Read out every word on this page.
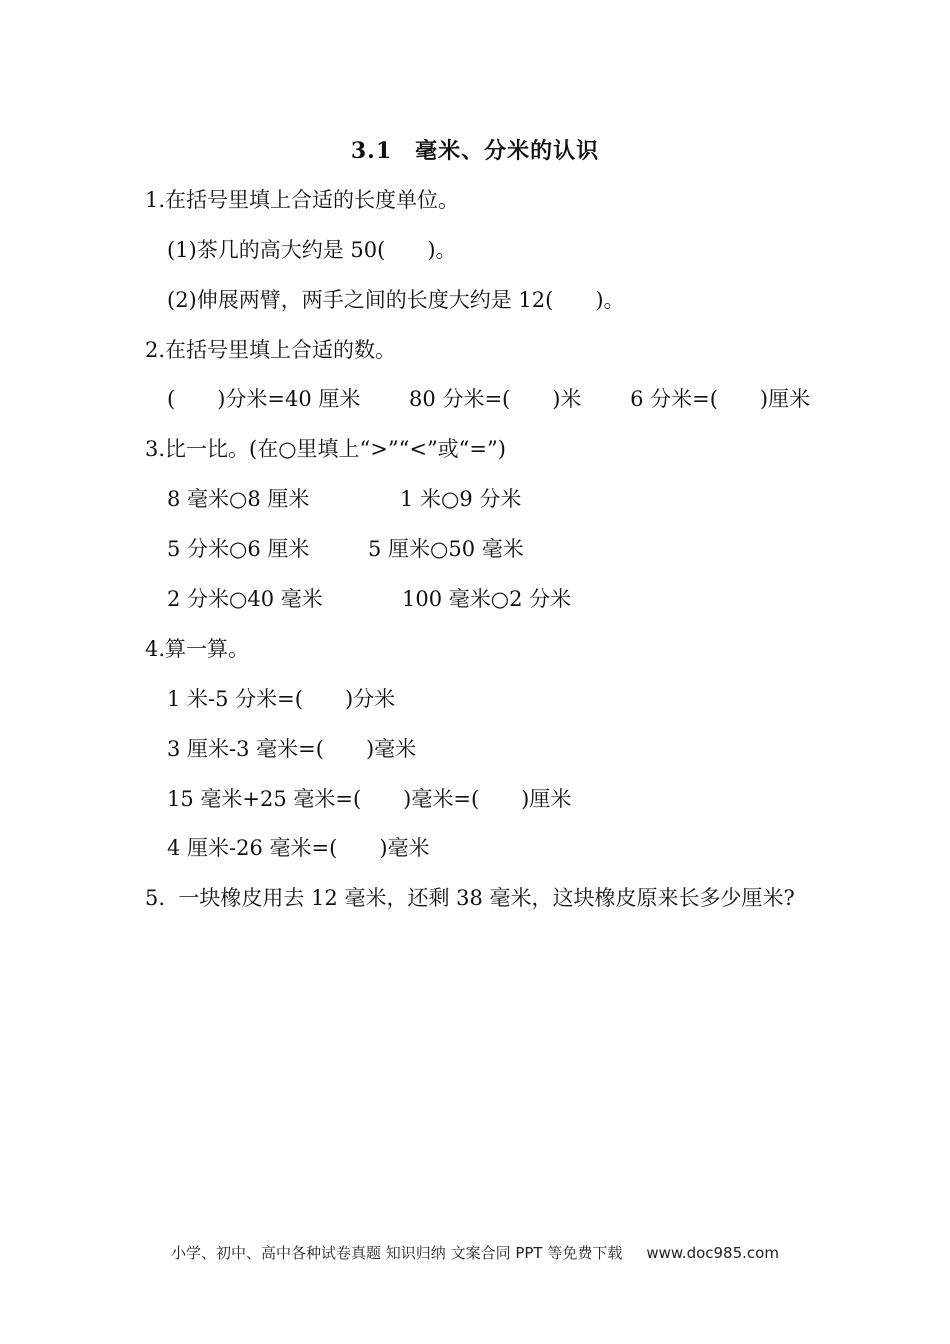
3.1　毫米、分米的认识
1.在括号里填上合适的长度单位。
(1)茶几的高大约是 50(　　)。
(2)伸展两臂，两手之间的长度大约是 12(　　)。
2.在括号里填上合适的数。
(　　)分米=40 厘米　　 80 分米=(　　)米　　 6 分米=(　　)厘米
3.比一比。(在○里填上“>”“<”或“=”)
8 毫米○8 厘米	1 米○9 分米
5 分米○6 厘米	5 厘米○50 毫米
2 分米○40 毫米	100 毫米○2 分米
4.算一算。
1 米-5 分米=(　　)分米
3 厘米-3 毫米=(　　)毫米
15 毫米+25 毫米=(　　)毫米=(　　)厘米
4 厘米-26 毫米=(　　)毫米
5.  一块橡皮用去 12 毫米，还剩 38 毫米，这块橡皮原来长多少厘米?
小学、初中、高中各种试卷真题 知识归纳 文案合同 PPT 等免费下载 www.doc985.com
